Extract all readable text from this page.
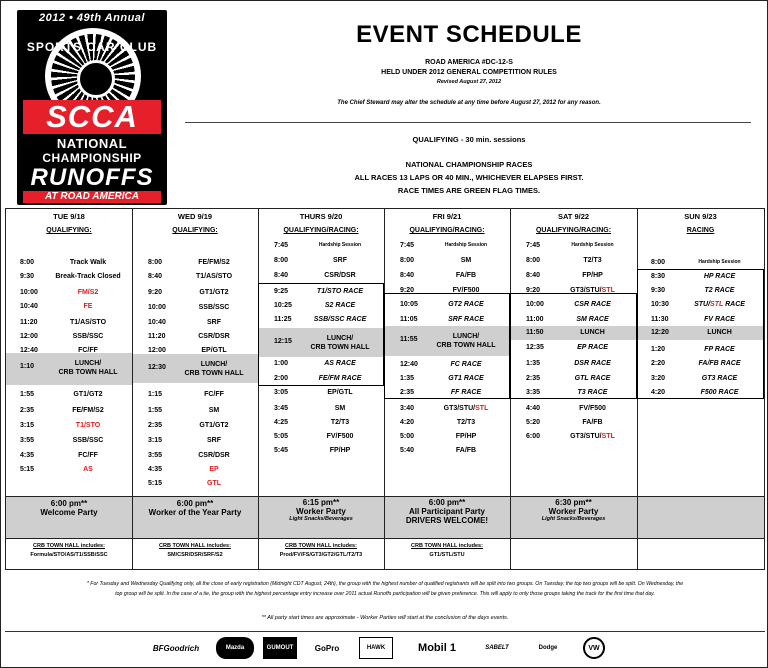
2012 • 49th Annual
SPORTS CAR CLUB
SCCA
NATIONAL
CHAMPIONSHIP
RUNOFFS
AT ROAD AMERICA
EVENT SCHEDULE
ROAD AMERICA #DC-12-S
HELD UNDER 2012 GENERAL COMPETITION RULES
Revised August 27, 2012
The Chief Steward may alter the schedule at any time before August 27, 2012 for any reason.
QUALIFYING - 30 min. sessions
NATIONAL CHAMPIONSHIP RACES
ALL RACES 13 LAPS OR 40 MIN., WHICHEVER ELAPSES FIRST.
RACE TIMES ARE GREEN FLAG TIMES.
TUE 9/18
QUALIFYING:
WED 9/19
QUALIFYING:
THURS 9/20
QUALIFYING/RACING:
FRI 9/21
QUALIFYING/RACING:
SAT 9/22
QUALIFYING/RACING:
SUN 9/23
RACING
8:00	Track Walk
9:30	Break-Track Closed
10:00	FM/S2
10:40	FE
11:20	T1/AS/STO
12:00	SSB/SSC
12:40	FC/FF
1:10	LUNCH/
CRB TOWN HALL
1:55	GT1/GT2
2:35	FE/FM/S2
3:15	T1/STO
3:55	SSB/SSC
4:35	FC/FF
5:15	AS
8:00	FE/FM/S2
8:40	T1/AS/STO
9:20	GT1/GT2
10:00	SSB/SSC
10:40	SRF
11:20	CSR/DSR
12:00	EP/GTL
12:30	LUNCH/
CRB TOWN HALL
1:15	FC/FF
1:55	SM
2:35	GT1/GT2
3:15	SRF
3:55	CSR/DSR
4:35	EP
5:15	GTL
7:45	Hardship Session
8:00	SRF
8:40	CSR/DSR
9:25	T1/STO RACE
10:25	S2 RACE
11:25	SSB/SSC RACE
12:15	LUNCH/
CRB TOWN HALL
1:00	AS RACE
2:00	FE/FM RACE
3:05	EP/GTL
3:45	SM
4:25	T2/T3
5:05	FV/F500
5:45	FP/HP
7:45	Hardship Session
8:00	SM
8:40	FA/FB
9:20	FV/F500
10:05	GT2 RACE
11:05	SRF RACE
11:55	LUNCH/
CRB TOWN HALL
12:40	FC RACE
1:35	GT1 RACE
2:35	FF RACE
3:40	GT3/STU/STL
4:20	T2/T3
5:00	FP/HP
5:40	FA/FB
7:45	Hardship Session
8:00	T2/T3
8:40	FP/HP
9:20	GT3/STU/STL
10:00	CSR RACE
11:00	SM RACE
11:50	LUNCH
12:35	EP RACE
1:35	DSR RACE
2:35	GTL RACE
3:35	T3 RACE
4:40	FV/F500
5:20	FA/FB
6:00	GT3/STU/STL
8:00	Hardship Session
8:30	HP RACE
9:30	T2 RACE
10:30	STU/STL RACE
11:30	FV RACE
12:20	LUNCH
1:20	FP RACE
2:20	FA/FB RACE
3:20	GT3 RACE
4:20	F500 RACE
6:00 pm**
Welcome Party
6:00 pm**
Worker of the Year Party
6:15 pm**
Worker Party
Light Snacks/Beverages
6:00 pm**
All Participant Party
DRIVERS WELCOME!
6:30 pm**
Worker Party
Light Snacks/Beverages
CRB TOWN HALL includes:
Formula/STO/AS/T1/SSB/SSC
CRB TOWN HALL includes:
SM/CSR/DSR/SRF/S2
CRB TOWN HALL includes:
Prod/FV/FS/GT3/GT2/GTL/T2/T3
CRB TOWN HALL includes:
GT1/STL/STU
* For Tuesday and Wednesday Qualifying only, all the close of early registration (Midnight CDT August, 24th), the group with the highest number of qualified registrants will be split into two groups. On Tuesday, the top two groups will be split. On Wednesday, the
top group will be split. In the case of a tie, the group with the highest percentage entry increase over 2011 actual Runoffs participation will be given preference. This will apply to only those groups taking the track for the first time that day.
** All party start times are approximate - Worker Parties will start at the conclusion of the days events.
BFGoodrich	Mazda	GUMOUT	GoPro	HAWK	Mobil 1	SABELT	Dodge	VW
